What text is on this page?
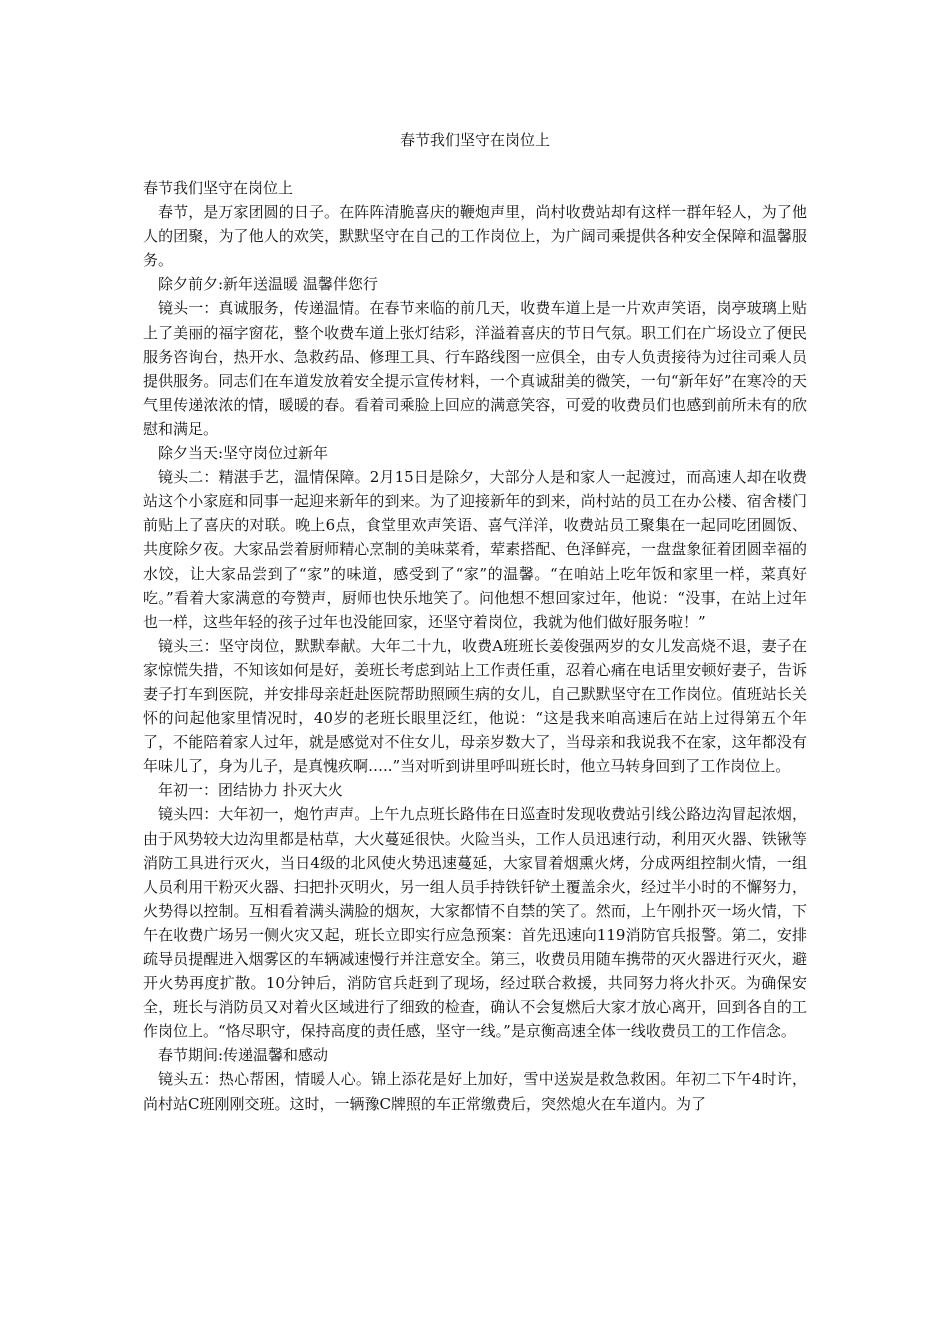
春节我们坚守在岗位上

春节我们坚守在岗位上

春节，是万家团圆的日子。在阵阵清脆喜庆的鞭炮声里，尚村收费站却有这样一群年轻人，为了他人的团聚，为了他人的欢笑，默默坚守在自己的工作岗位上，为广阔司乘提供各种安全保障和温馨服务。

除夕前夕:新年送温暖 温馨伴您行

镜头一：真诚服务，传递温情。在春节来临的前几天，收费车道上是一片欢声笑语，岗亭玻璃上贴上了美丽的福字窗花，整个收费车道上张灯结彩，洋溢着喜庆的节日气氛。职工们在广场设立了便民服务咨询台，热开水、急救药品、修理工具、行车路线图一应俱全，由专人负责接待为过往司乘人员提供服务。同志们在车道发放着安全提示宣传材料，一个真诚甜美的微笑，一句“新年好”在寒冷的天气里传递浓浓的情，暖暖的春。看着司乘脸上回应的满意笑容，可爱的收费员们也感到前所未有的欣慰和满足。

除夕当天:坚守岗位过新年

镜头二：精湛手艺，温情保障。2月15日是除夕，大部分人是和家人一起渡过，而高速人却在收费站这个小家庭和同事一起迎来新年的到来。为了迎接新年的到来，尚村站的员工在办公楼、宿舍楼门前贴上了喜庆的对联。晚上6点，食堂里欢声笑语、喜气洋洋，收费站员工聚集在一起同吃团圆饭、共度除夕夜。大家品尝着厨师精心烹制的美味菜肴，荤素搭配、色泽鲜亮，一盘盘象征着团圆幸福的水饺，让大家品尝到了“家”的味道，感受到了“家”的温馨。“在咱站上吃年饭和家里一样，菜真好吃。”看着大家满意的夸赞声，厨师也快乐地笑了。问他想不想回家过年，他说：“没事，在站上过年也一样，这些年轻的孩子过年也没能回家，还坚守着岗位，我就为他们做好服务啦！”

镜头三：坚守岗位，默默奉献。大年二十九，收费A班班长姜俊强两岁的女儿发高烧不退，妻子在家惊慌失措，不知该如何是好，姜班长考虑到站上工作责任重，忍着心痛在电话里安顿好妻子，告诉妻子打车到医院，并安排母亲赶赴医院帮助照顾生病的女儿，自己默默坚守在工作岗位。值班站长关怀的问起他家里情况时，40岁的老班长眼里泛红，他说：“这是我来咱高速后在站上过得第五个年了，不能陪着家人过年，就是感觉对不住女儿，母亲岁数大了，当母亲和我说我不在家，这年都没有年味儿了，身为儿子，是真愧疚啊…..”当对听到讲里呼叫班长时，他立马转身回到了工作岗位上。

年初一：团结协力 扑灭大火

镜头四：大年初一，炮竹声声。上午九点班长路伟在日巡查时发现收费站引线公路边沟冒起浓烟，由于风势较大边沟里都是枯草，大火蔓延很快。火险当头，工作人员迅速行动，利用灭火器、铁锹等消防工具进行灭火，当日4级的北风使火势迅速蔓延，大家冒着烟熏火烤，分成两组控制火情，一组人员利用干粉灭火器、扫把扑灭明火，另一组人员手持铁钎铲土覆盖余火，经过半小时的不懈努力，火势得以控制。互相看着满头满脸的烟灰，大家都情不自禁的笑了。然而，上午刚扑灭一场火情，下午在收费广场另一侧火灾又起，班长立即实行应急预案：首先迅速向119消防官兵报警。第二，安排疏导员提醒进入烟雾区的车辆减速慢行并注意安全。第三，收费员用随车携带的灭火器进行灭火，避开火势再度扩散。10分钟后，消防官兵赶到了现场，经过联合救援，共同努力将火扑灭。为确保安全，班长与消防员又对着火区域进行了细致的检查，确认不会复燃后大家才放心离开，回到各自的工作岗位上。“恪尽职守，保持高度的责任感，坚守一线。”是京衡高速全体一线收费员工的工作信念。

春节期间:传递温馨和感动

镜头五：热心帮困，情暖人心。锦上添花是好上加好，雪中送炭是救急救困。年初二下午4时许，尚村站C班刚刚交班。这时，一辆豫C牌照的车正常缴费后，突然熄火在车道内。为了
